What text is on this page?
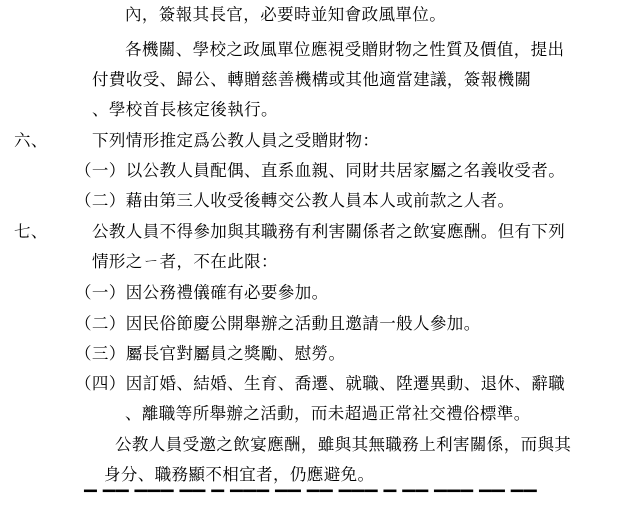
內，簽報其長官，必要時並知會政風單位。
各機關、學校之政風單位應視受贈財物之性質及價值，提出
付費收受、歸公、轉贈慈善機構或其他適當建議，簽報機關
、學校首長核定後執行。
六、	下列情形推定爲公教人員之受贈財物：
（一）以公教人員配偶、直系血親、同財共居家屬之名義收受者。
（二）藉由第三人收受後轉交公教人員本人或前款之人者。
七、	公教人員不得參加與其職務有利害關係者之飲宴應酬。但有下列
情形之ㄧ者，不在此限：
（一）因公務禮儀確有必要參加。
（二）因民俗節慶公開舉辦之活動且邀請一般人參加。
（三）屬長官對屬員之獎勵、慰勞。
（四）因訂婚、結婚、生育、喬遷、就職、陞遷異動、退休、辭職
、離職等所舉辦之活動，而未超過正常社交禮俗標準。
公教人員受邀之飲宴應酬，雖與其無職務上利害關係，而與其
身分、職務顯不相宜者，仍應避免。
▔ ▔▔ ▔▔▔ ▔▔ ▔ ▔▔▔ ▔▔ ▔▔ ▔▔▔ ▔ ▔▔ ▔▔▔ ▔▔ ▔▔
